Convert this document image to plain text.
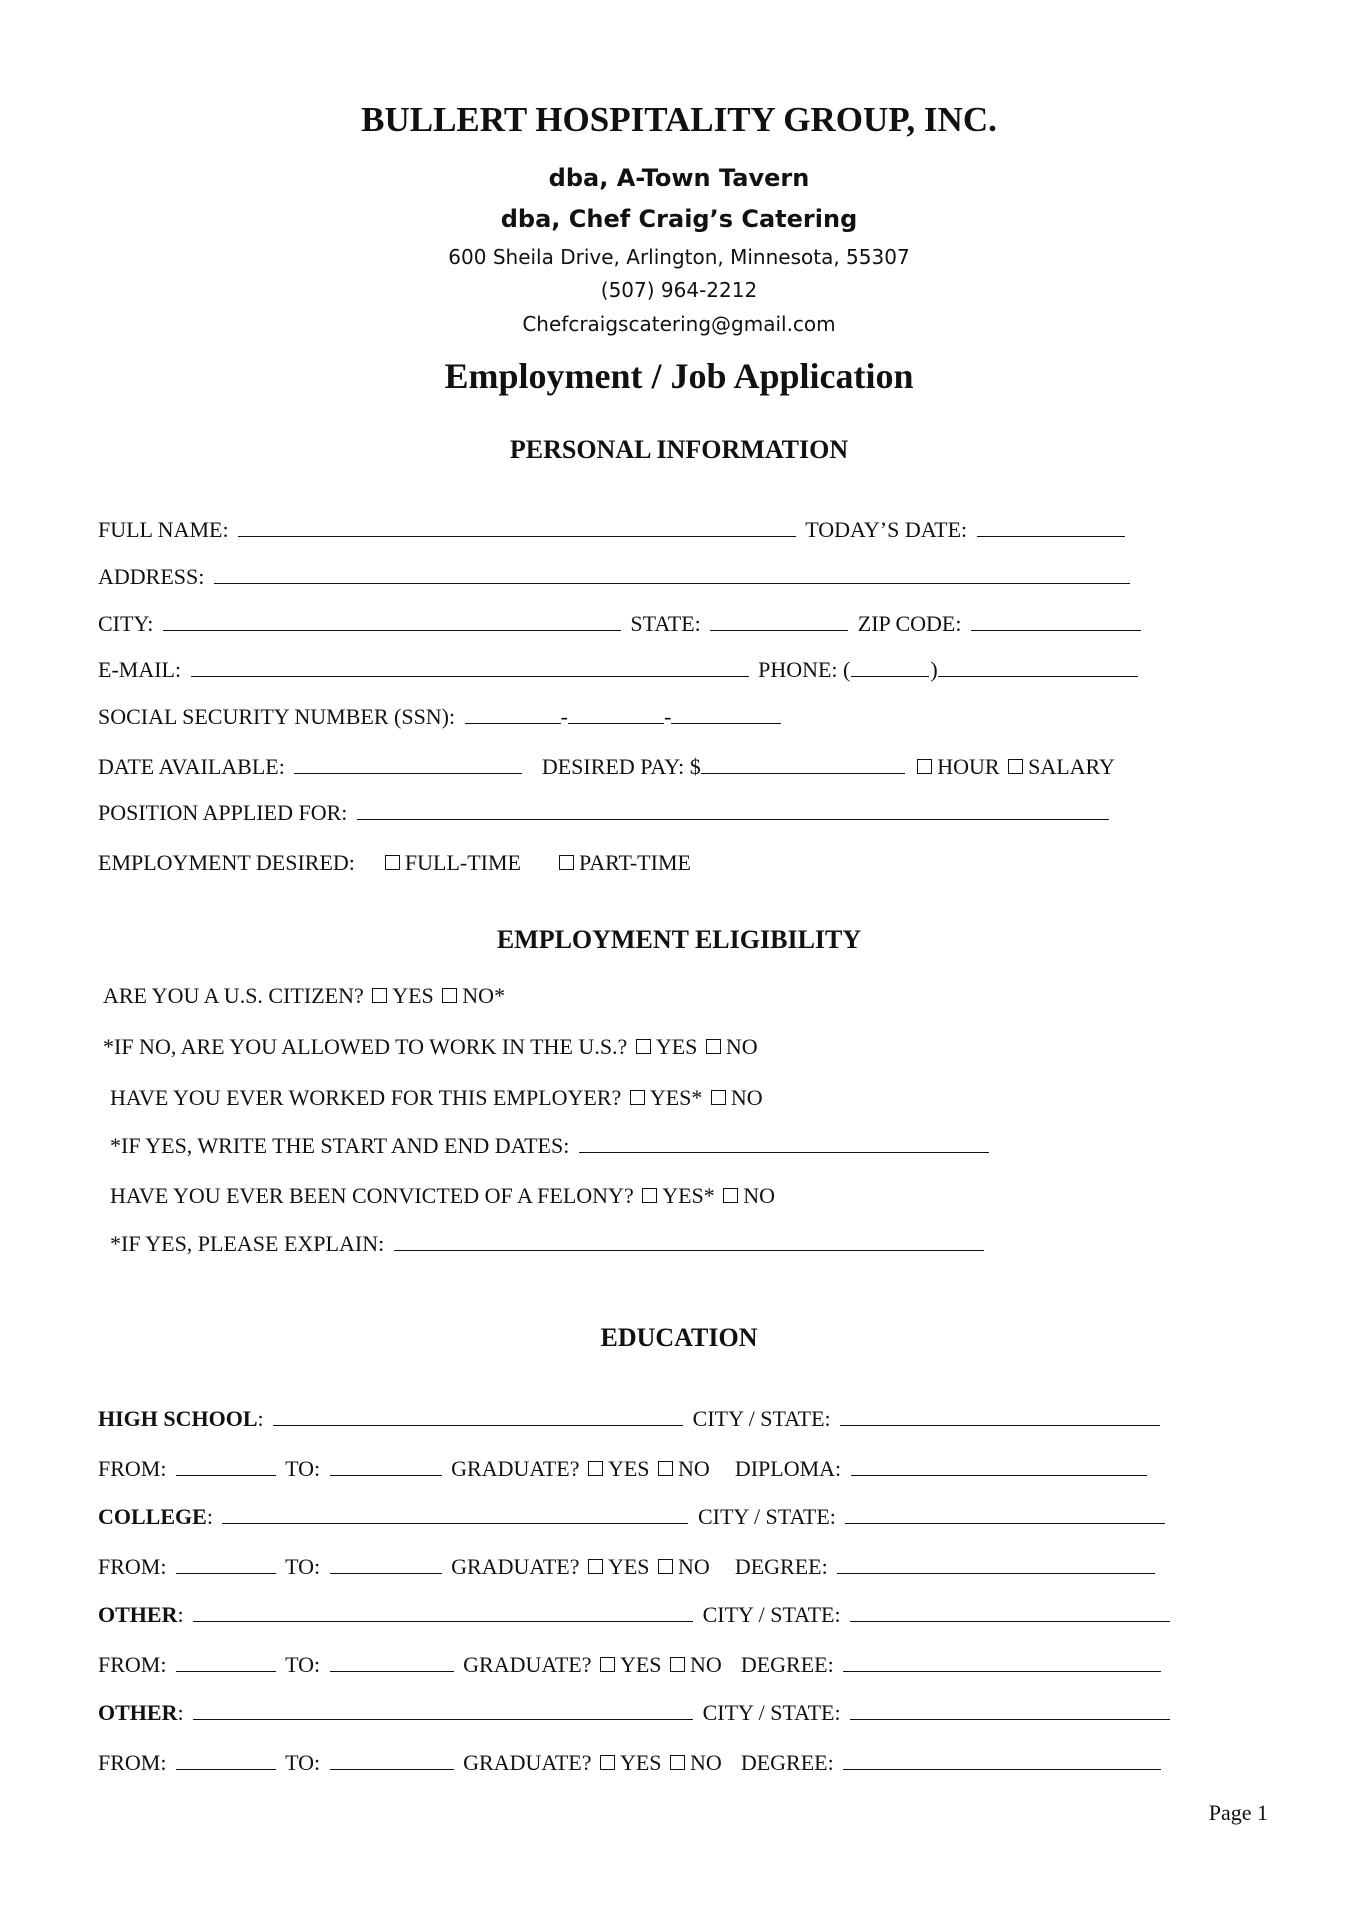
BULLERT HOSPITALITY GROUP, INC.
dba, A-Town Tavern
dba, Chef Craig’s Catering
600 Sheila Drive, Arlington, Minnesota, 55307
(507) 964-2212
Chefcraigscatering@gmail.com
Employment / Job Application
PERSONAL INFORMATION
FULL NAME:	TODAY’S DATE:
ADDRESS:
CITY:	STATE:	ZIP CODE:
E-MAIL:	PHONE: (	)
SOCIAL SECURITY NUMBER (SSN):	-	-
DATE AVAILABLE:	DESIRED PAY: $	HOUR SALARY
POSITION APPLIED FOR:
EMPLOYMENT DESIRED: FULL-TIME	PART-TIME
EMPLOYMENT ELIGIBILITY
ARE YOU A U.S. CITIZEN? YES NO*
*IF NO, ARE YOU ALLOWED TO WORK IN THE U.S.? YES NO
HAVE YOU EVER WORKED FOR THIS EMPLOYER? YES* NO
*IF YES, WRITE THE START AND END DATES:
HAVE YOU EVER BEEN CONVICTED OF A FELONY? YES* NO
*IF YES, PLEASE EXPLAIN:
EDUCATION
HIGH SCHOOL:	CITY / STATE:
FROM:	TO:	GRADUATE? YES NO DIPLOMA:
COLLEGE:	CITY / STATE:
FROM:	TO:	GRADUATE? YES NO DEGREE:
OTHER:	CITY / STATE:
FROM:	TO:	GRADUATE? YES NO DEGREE:
OTHER:	CITY / STATE:
FROM:	TO:	GRADUATE? YES NO DEGREE:
Page 1
